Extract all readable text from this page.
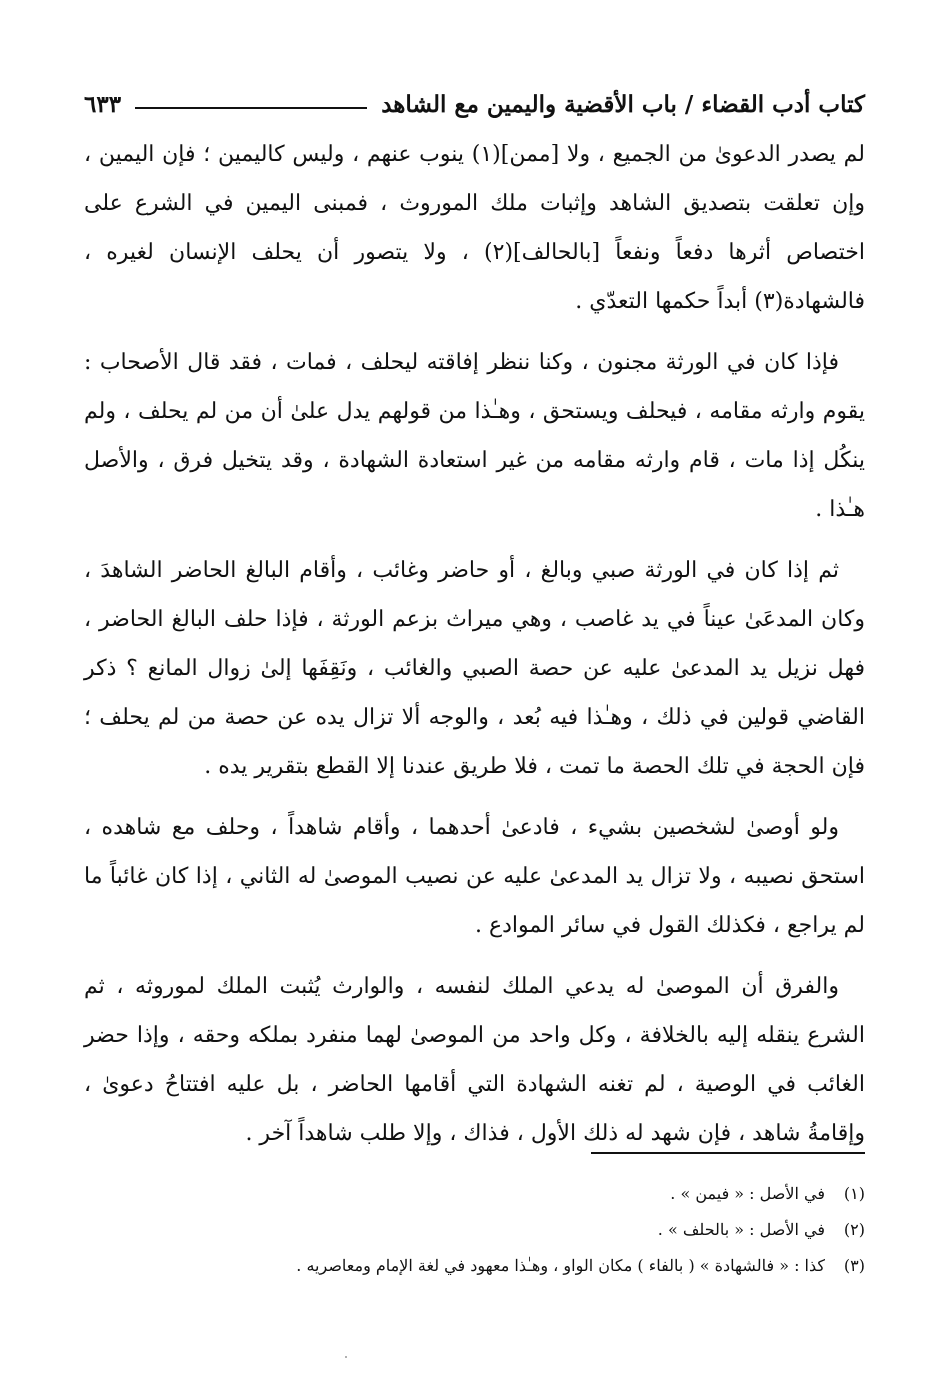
كتاب أدب القضاء / باب الأقضية واليمين مع الشاهد
٦٣٣

لم يصدر الدعوىٰ من الجميع ، ولا [ممن](١) ينوب عنهم ، وليس كاليمين ؛ فإن اليمين ، وإن تعلقت بتصديق الشاهد وإثبات ملك الموروث ، فمبنى اليمين في الشرع على اختصاص أثرها دفعاً ونفعاً [بالحالف](٢) ، ولا يتصور أن يحلف الإنسان لغيره ، فالشهادة(٣) أبداً حكمها التعدّي .

فإذا كان في الورثة مجنون ، وكنا ننظر إفاقته ليحلف ، فمات ، فقد قال الأصحاب : يقوم وارثه مقامه ، فيحلف ويستحق ، وهـٰذا من قولهم يدل علىٰ أن من لم يحلف ، ولم ينكُل إذا مات ، قام وارثه مقامه من غير استعادة الشهادة ، وقد يتخيل فرق ، والأصل هـٰذا .

ثم إذا كان في الورثة صبي وبالغ ، أو حاضر وغائب ، وأقام البالغ الحاضر الشاهدَ ، وكان المدعَىٰ عيناً في يد غاصب ، وهي ميراث بزعم الورثة ، فإذا حلف البالغ الحاضر ، فهل نزيل يد المدعىٰ عليه عن حصة الصبي والغائب ، ونَقِفَها إلىٰ زوال المانع ؟ ذكر القاضي قولين في ذلك ، وهـٰذا فيه بُعد ، والوجه ألا تزال يده عن حصة من لم يحلف ؛ فإن الحجة في تلك الحصة ما تمت ، فلا طريق عندنا إلا القطع بتقرير يده .

ولو أوصىٰ لشخصين بشيء ، فادعىٰ أحدهما ، وأقام شاهداً ، وحلف مع شاهده ، استحق نصيبه ، ولا تزال يد المدعىٰ عليه عن نصيب الموصىٰ له الثاني ، إذا كان غائباً ما لم يراجع ، فكذلك القول في سائر الموادع .

والفرق أن الموصىٰ له يدعي الملك لنفسه ، والوارث يُثبت الملك لموروثه ، ثم الشرع ينقله إليه بالخلافة ، وكل واحد من الموصىٰ لهما منفرد بملكه وحقه ، وإذا حضر الغائب في الوصية ، لم تغنه الشهادة التي أقامها الحاضر ، بل عليه افتتاحُ دعوىٰ ، وإقامةُ شاهد ، فإن شهد له ذلك الأول ، فذاك ، وإلا طلب شاهداً آخر .

(١)
في الأصل : « فيمن » .
(٢)
في الأصل : « بالحلف » .
(٣)
كذا : « فالشهادة » ( بالفاء ) مكان الواو ، وهـٰذا معهود في لغة الإمام ومعاصريه .
